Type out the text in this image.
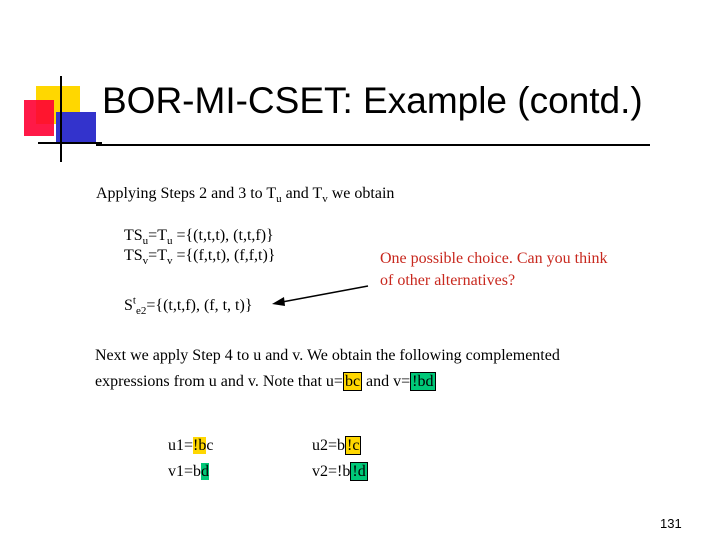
BOR-MI-CSET: Example (contd.)
Applying Steps 2 and 3 to $T_u$ and $T_v$ we obtain
$TS_u=T_u =\{(t,t,t)$, (t,t,f)}
$TS_v=T_v =\{(f,t,t)$, (f,f,t)}	One possible choice. Can you think
of other alternatives?
$S^t_{e2}=\{(t,t,f)$, (f, t, t)}
Next we apply Step 4 to u and v. We obtain the following complemented
expressions from u and v. Note that u= bc and v= !bd
u1=!bc
v1=bd
u2=b !c
v2=!b !d
131
